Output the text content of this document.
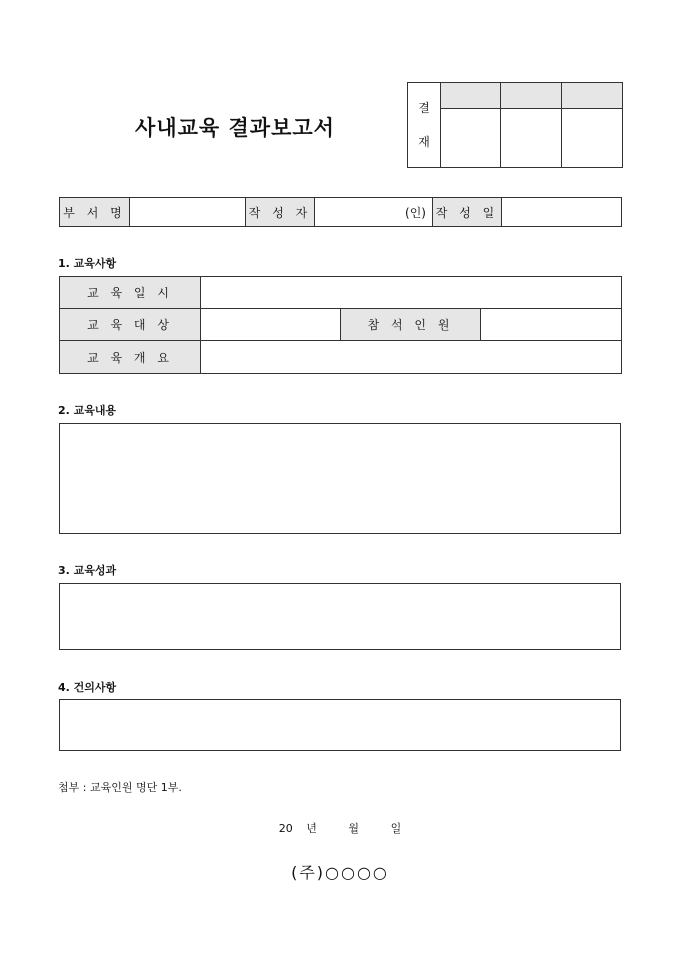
사내교육 결과보고서
결
재			

부 서 명		작 성 자	(인)	작 성 일	
1. 교육사항
교 육 일 시			
교 육 대 상		참 석 인 원	
교 육 개 요			
2. 교육내용
3. 교육성과
4. 건의사항
첨부 : 교육인원 명단 1부.
20 년	월	일
(주)○○○○
